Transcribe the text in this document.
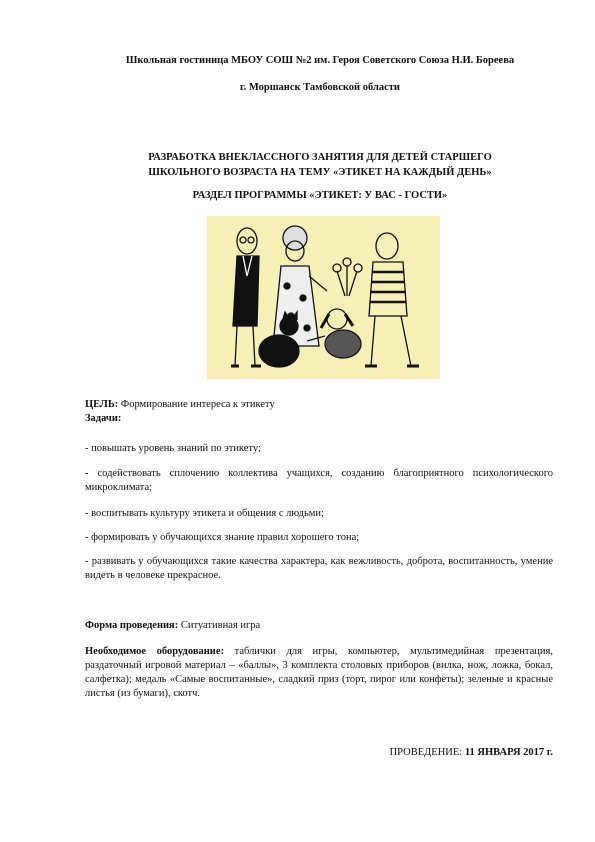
Школьная гостиница МБОУ СОШ №2 им. Героя Советского Союза Н.И. Бореева
г. Моршанск Тамбовской области
РАЗРАБОТКА ВНЕКЛАССНОГО ЗАНЯТИЯ ДЛЯ ДЕТЕЙ СТАРШЕГО
ШКОЛЬНОГО ВОЗРАСТА НА ТЕМУ «ЭТИКЕТ НА КАЖДЫЙ ДЕНЬ»
РАЗДЕЛ ПРОГРАММЫ «ЭТИКЕТ: У ВАС - ГОСТИ»
ЦЕЛЬ: Формирование интереса к этикету
Задачи:
- повышать уровень знаний по этикету;
- содействовать сплочению коллектива учащихся, созданию благоприятного психологического микроклимата;
- воспитывать культуру этикета и общения с людьми;
- формировать у обучающихся знание правил хорошего тона;
- развивать у обучающихся такие качества характера, как вежливость, доброта, воспитанность, умение видеть в человеке прекрасное.
Форма проведения: Ситуативная игра
Необходимое оборудование: таблички для игры, компьютер, мультимедийная презентация, раздаточный игровой материал – «баллы», 3 комплекта столовых приборов (вилка, нож, ложка, бокал, салфетка); медаль «Самые воспитанные», сладкий приз (торт, пирог или конфеты); зеленые и красные листья (из бумаги), скотч.
ПРОВЕДЕНИЕ: 11 ЯНВАРЯ 2017 г.
